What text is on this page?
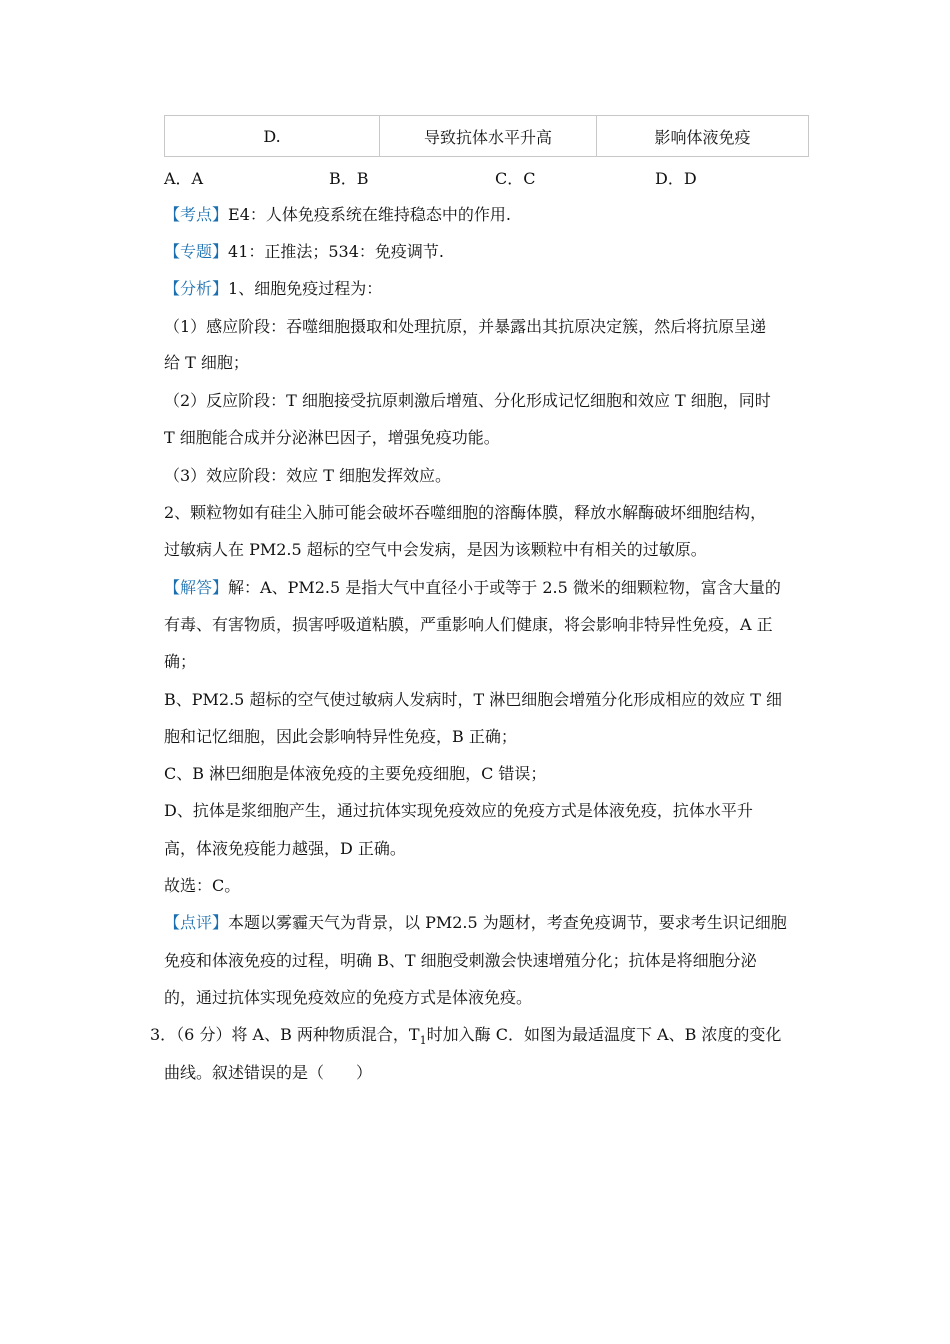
D.	导致抗体水平升高	影响体液免疫
A．A	B．B	C．C	D．D
【考点】E4：人体免疫系统在维持稳态中的作用.
【专题】41：正推法；534：免疫调节.
【分析】1、细胞免疫过程为：
（1）感应阶段：吞噬细胞摄取和处理抗原，并暴露出其抗原决定簇，然后将抗原呈递
给 T 细胞；
（2）反应阶段：T 细胞接受抗原刺激后增殖、分化形成记忆细胞和效应 T 细胞，同时
T 细胞能合成并分泌淋巴因子，增强免疫功能。
（3）效应阶段：效应 T 细胞发挥效应。
2、颗粒物如有硅尘入肺可能会破坏吞噬细胞的溶酶体膜，释放水解酶破坏细胞结构，
过敏病人在 PM2.5 超标的空气中会发病，是因为该颗粒中有相关的过敏原。
【解答】解：A、PM2.5 是指大气中直径小于或等于 2.5 微米的细颗粒物，富含大量的
有毒、有害物质，损害呼吸道粘膜，严重影响人们健康，将会影响非特异性免疫，A 正
确；
B、PM2.5 超标的空气使过敏病人发病时，T 淋巴细胞会增殖分化形成相应的效应 T 细
胞和记忆细胞，因此会影响特异性免疫，B 正确；
C、B 淋巴细胞是体液免疫的主要免疫细胞，C 错误；
D、抗体是浆细胞产生，通过抗体实现免疫效应的免疫方式是体液免疫，抗体水平升
高，体液免疫能力越强，D 正确。
故选：C。
【点评】本题以雾霾天气为背景，以 PM2.5 为题材，考查免疫调节，要求考生识记细胞
免疫和体液免疫的过程，明确 B、T 细胞受刺激会快速增殖分化；抗体是将细胞分泌
的，通过抗体实现免疫效应的免疫方式是体液免疫。
3．（6 分）将 A、B 两种物质混合，$T_1$时加入酶 C．如图为最适温度下 A、B 浓度的变化
曲线。叙述错误的是（　　）
